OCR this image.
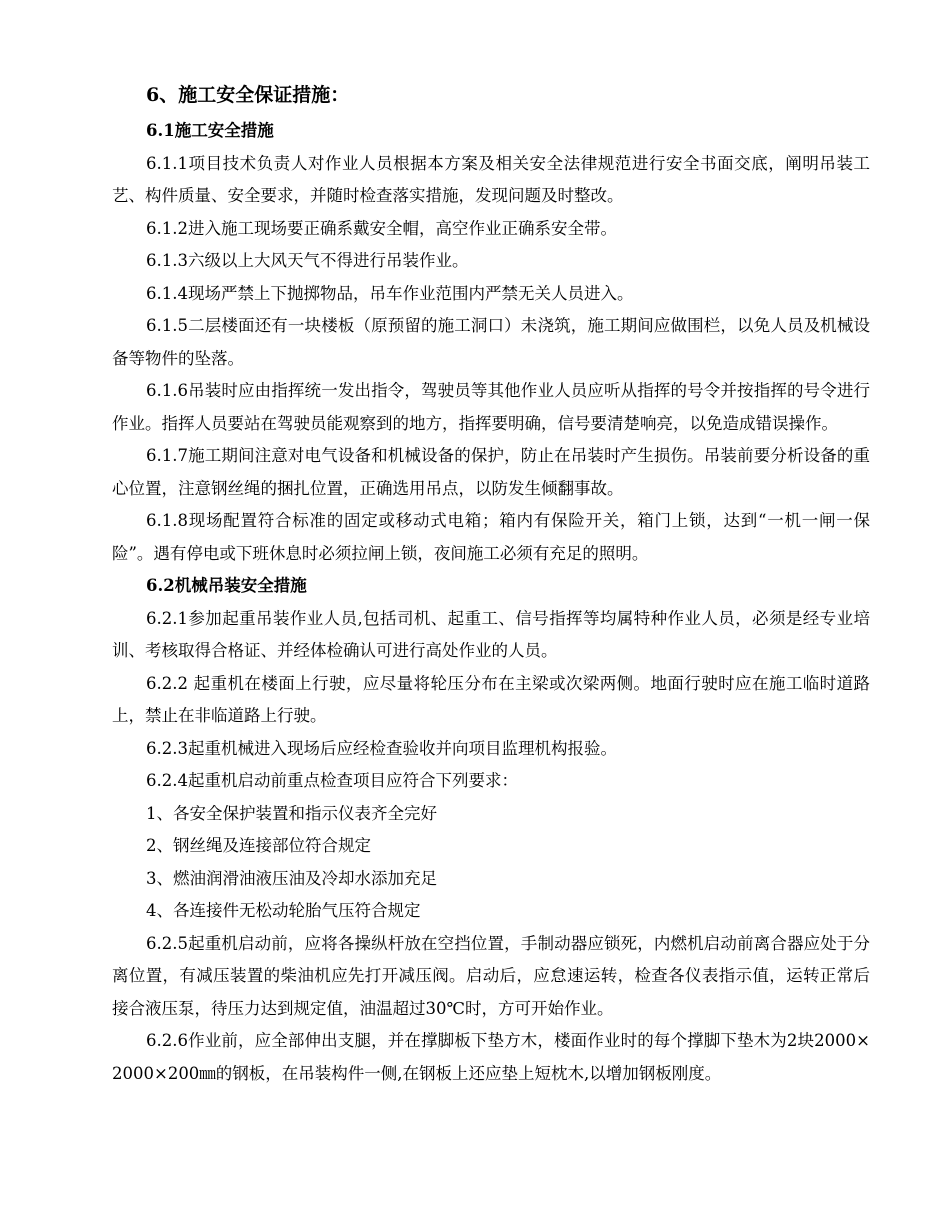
6、施工安全保证措施：
6.1施工安全措施

6.1.1项目技术负责人对作业人员根据本方案及相关安全法律规范进行安全书面交底，阐明吊装工艺、构件质量、安全要求，并随时检查落实措施，发现问题及时整改。

6.1.2进入施工现场要正确系戴安全帽，高空作业正确系安全带。

6.1.3六级以上大风天气不得进行吊装作业。

6.1.4现场严禁上下抛掷物品，吊车作业范围内严禁无关人员进入。

6.1.5二层楼面还有一块楼板（原预留的施工洞口）未浇筑，施工期间应做围栏，以免人员及机械设备等物件的坠落。

6.1.6吊装时应由指挥统一发出指令，驾驶员等其他作业人员应听从指挥的号令并按指挥的号令进行作业。指挥人员要站在驾驶员能观察到的地方，指挥要明确，信号要清楚响亮，以免造成错误操作。

6.1.7施工期间注意对电气设备和机械设备的保护，防止在吊装时产生损伤。吊装前要分析设备的重心位置，注意钢丝绳的捆扎位置，正确选用吊点，以防发生倾翻事故。

6.1.8现场配置符合标准的固定或移动式电箱；箱内有保险开关，箱门上锁，达到“一机一闸一保险”。遇有停电或下班休息时必须拉闸上锁，夜间施工必须有充足的照明。

6.2机械吊装安全措施

6.2.1参加起重吊装作业人员,包括司机、起重工、信号指挥等均属特种作业人员，必须是经专业培训、考核取得合格证、并经体检确认可进行高处作业的人员。

6.2.2 起重机在楼面上行驶，应尽量将轮压分布在主梁或次梁两侧。地面行驶时应在施工临时道路上，禁止在非临道路上行驶。

6.2.3起重机械进入现场后应经检查验收并向项目监理机构报验。

6.2.4起重机启动前重点检查项目应符合下列要求：

1、各安全保护装置和指示仪表齐全完好

2、钢丝绳及连接部位符合规定

3、燃油润滑油液压油及冷却水添加充足

4、各连接件无松动轮胎气压符合规定

6.2.5起重机启动前，应将各操纵杆放在空挡位置，手制动器应锁死，内燃机启动前离合器应处于分离位置，有减压装置的柴油机应先打开减压阀。启动后，应怠速运转，检查各仪表指示值，运转正常后接合液压泵，待压力达到规定值，油温超过30℃时，方可开始作业。

6.2.6作业前，应全部伸出支腿，并在撑脚板下垫方木，楼面作业时的每个撑脚下垫木为2块2000×2000×200㎜的钢板，在吊装构件一侧,在钢板上还应垫上短枕木,以增加钢板刚度。
